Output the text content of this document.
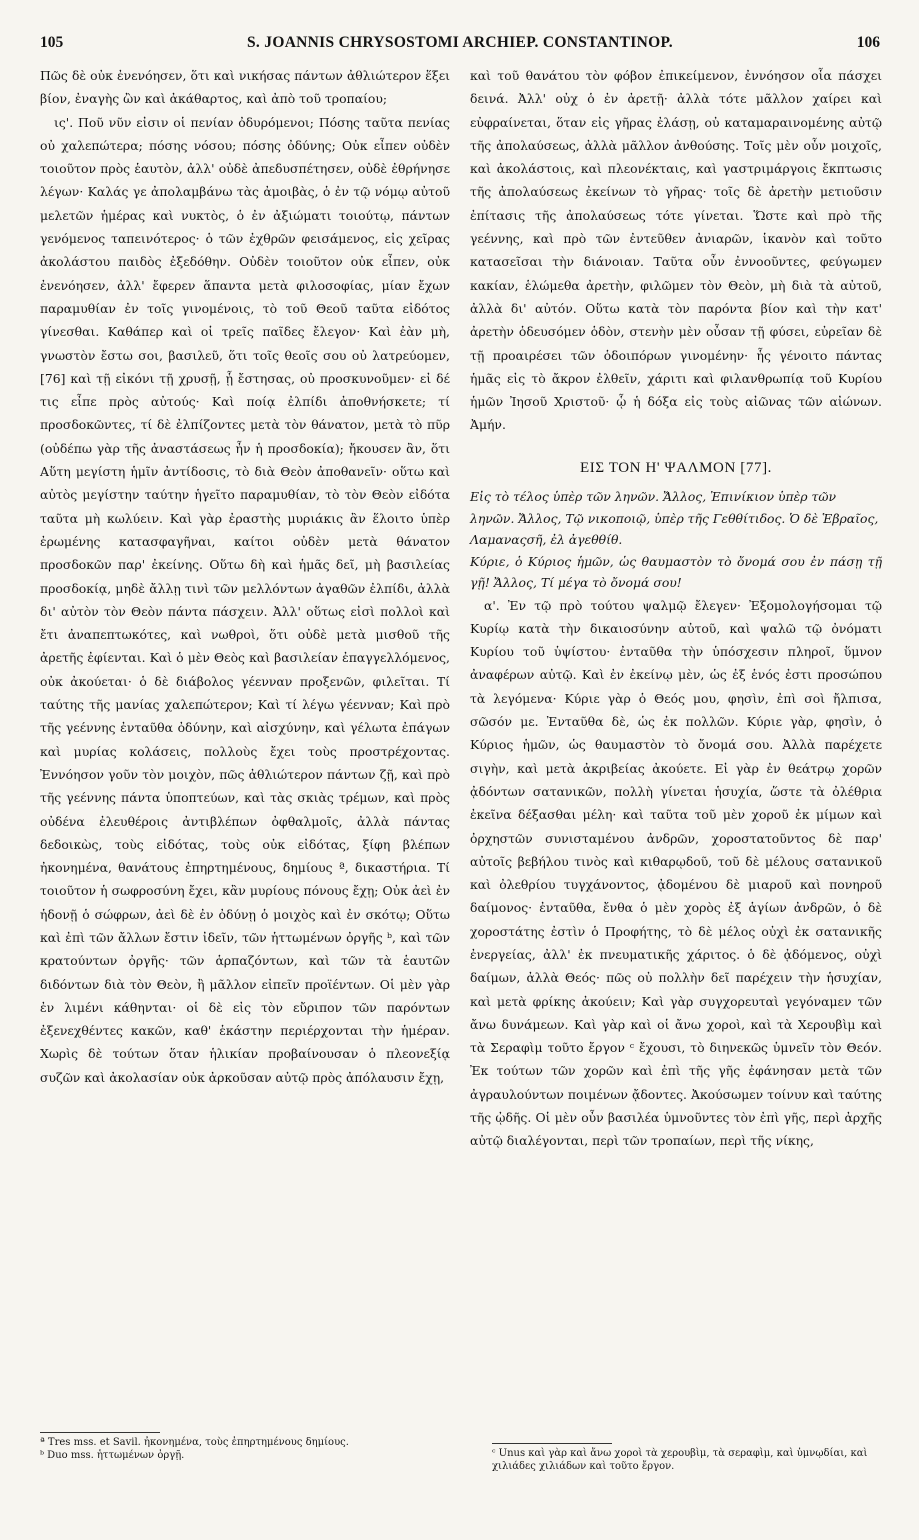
105	S. JOANNIS CHRYSOSTOMI ARCHIEP. CONSTANTINOP.	106

Πῶς δὲ οὐκ ἐνενόησεν, ὅτι καὶ νικήσας πάντων ἀθλιώτερον ἕξει βίον, ἐναγὴς ὢν καὶ ἀκάθαρτος, καὶ ἀπὸ τοῦ τροπαίου;

ις'. Ποῦ νῦν εἰσιν οἱ πενίαν ὀδυρόμενοι; Πόσης ταῦτα πενίας οὐ χαλεπώτερα; πόσης νόσου; πόσης ὀδύνης; Οὐκ εἶπεν οὐδὲν τοιοῦτον πρὸς ἑαυτὸν, ἀλλ' οὐδὲ ἀπεδυσπέτησεν, οὐδὲ ἐθρήνησε λέγων· Καλάς γε ἀπολαμβάνω τὰς ἀμοιβὰς, ὁ ἐν τῷ νόμῳ αὐτοῦ μελετῶν ἡμέρας καὶ νυκτὸς, ὁ ἐν ἀξιώματι τοιούτῳ, πάντων γενόμενος ταπεινότερος· ὁ τῶν ἐχθρῶν φεισάμενος, εἰς χεῖρας ἀκολάστου παιδὸς ἐξεδόθην. Οὐδὲν τοιοῦτον οὐκ εἶπεν, οὐκ ἐνενόησεν, ἀλλ' ἔφερεν ἅπαντα μετὰ φιλοσοφίας, μίαν ἔχων παραμυθίαν ἐν τοῖς γινομένοις, τὸ τοῦ Θεοῦ ταῦτα εἰδότος γίνεσθαι. Καθάπερ καὶ οἱ τρεῖς παῖδες ἔλεγον· Καὶ ἐὰν μὴ, γνωστὸν ἔστω σοι, βασιλεῦ, ὅτι τοῖς θεοῖς σου οὐ λατρεύομεν, [76] καὶ τῇ εἰκόνι τῇ χρυσῇ, ᾗ ἔστησας, οὐ προσκυνοῦμεν· εἰ δέ τις εἶπε πρὸς αὐτούς· Καὶ ποίᾳ ἐλπίδι ἀποθνήσκετε; τί προσδοκῶντες, τί δὲ ἐλπίζοντες μετὰ τὸν θάνατον, μετὰ τὸ πῦρ (οὐδέπω γὰρ τῆς ἀναστάσεως ἦν ἡ προσδοκία); ἤκουσεν ἂν, ὅτι Αὕτη μεγίστη ἡμῖν ἀντίδοσις, τὸ διὰ Θεὸν ἀποθανεῖν· οὕτω καὶ αὐτὸς μεγίστην ταύτην ἡγεῖτο παραμυθίαν, τὸ τὸν Θεὸν εἰδότα ταῦτα μὴ κωλύειν. Καὶ γὰρ ἐραστὴς μυριάκις ἂν ἕλοιτο ὑπὲρ ἐρωμένης κατασφαγῆναι, καίτοι οὐδὲν μετὰ θάνατον προσδοκῶν παρ' ἐκείνης. Οὕτω δὴ καὶ ἡμᾶς δεῖ, μὴ βασιλείας προσδοκίᾳ, μηδὲ ἄλλῃ τινὶ τῶν μελλόντων ἀγαθῶν ἐλπίδι, ἀλλὰ δι' αὐτὸν τὸν Θεὸν πάντα πάσχειν. Ἀλλ' οὕτως εἰσὶ πολλοὶ καὶ ἔτι ἀναπεπτωκότες, καὶ νωθροὶ, ὅτι οὐδὲ μετὰ μισθοῦ τῆς ἀρετῆς ἐφίενται. Καὶ ὁ μὲν Θεὸς καὶ βασιλείαν ἐπαγγελλόμενος, οὐκ ἀκούεται· ὁ δὲ διάβολος γέενναν προξενῶν, φιλεῖται. Τί ταύτης τῆς μανίας χαλεπώτερον; Καὶ τί λέγω γέενναν; Καὶ πρὸ τῆς γεέννης ἐνταῦθα ὀδύνην, καὶ αἰσχύνην, καὶ γέλωτα ἐπάγων καὶ μυρίας κολάσεις, πολλοὺς ἔχει τοὺς προστρέχοντας. Ἐννόησον γοῦν τὸν μοιχὸν, πῶς ἀθλιώτερον πάντων ζῇ, καὶ πρὸ τῆς γεέννης πάντα ὑποπτεύων, καὶ τὰς σκιὰς τρέμων, καὶ πρὸς οὐδένα ἐλευθέροις ἀντιβλέπων ὀφθαλμοῖς, ἀλλὰ πάντας δεδοικὼς, τοὺς εἰδότας, τοὺς οὐκ εἰδότας, ξίφη βλέπων ἠκονημένα, θανάτους ἐπηρτημένους, δημίους ª, δικαστήρια. Τί τοιοῦτον ἡ σωφροσύνη ἔχει, κἂν μυρίους πόνους ἔχῃ; Οὐκ ἀεὶ ἐν ἡδονῇ ὁ σώφρων, ἀεὶ δὲ ἐν ὀδύνῃ ὁ μοιχὸς καὶ ἐν σκότῳ; Οὕτω καὶ ἐπὶ τῶν ἄλλων ἔστιν ἰδεῖν, τῶν ἡττωμένων ὀργῆς ᵇ, καὶ τῶν κρατούντων ὀργῆς· τῶν ἁρπαζόντων, καὶ τῶν τὰ ἑαυτῶν διδόντων διὰ τὸν Θεὸν, ἢ μᾶλλον εἰπεῖν προϊέντων. Οἱ μὲν γὰρ ἐν λιμένι κάθηνται· οἱ δὲ εἰς τὸν εὔριπον τῶν παρόντων ἐξενεχθέντες κακῶν, καθ' ἑκάστην περιέρχονται τὴν ἡμέραν. Χωρὶς δὲ τούτων ὅταν ἡλικίαν προβαίνουσαν ὁ πλεονεξίᾳ συζῶν καὶ ἀκολασίαν οὐκ ἀρκοῦσαν αὐτῷ πρὸς ἀπόλαυσιν ἔχῃ,

καὶ τοῦ θανάτου τὸν φόβον ἐπικείμενον, ἐννόησον οἷα πάσχει δεινά. Ἀλλ' οὐχ ὁ ἐν ἀρετῇ· ἀλλὰ τότε μᾶλλον χαίρει καὶ εὐφραίνεται, ὅταν εἰς γῆρας ἐλάσῃ, οὐ καταμαραινομένης αὐτῷ τῆς ἀπολαύσεως, ἀλλὰ μᾶλλον ἀνθούσης. Τοῖς μὲν οὖν μοιχοῖς, καὶ ἀκολάστοις, καὶ πλεονέκταις, καὶ γαστριμάργοις ἔκπτωσις τῆς ἀπολαύσεως ἐκείνων τὸ γῆρας· τοῖς δὲ ἀρετὴν μετιοῦσιν ἐπίτασις τῆς ἀπολαύσεως τότε γίνεται. Ὥστε καὶ πρὸ τῆς γεέννης, καὶ πρὸ τῶν ἐντεῦθεν ἀνιαρῶν, ἱκανὸν καὶ τοῦτο κατασεῖσαι τὴν διάνοιαν. Ταῦτα οὖν ἐννοοῦντες, φεύγωμεν κακίαν, ἑλώμεθα ἀρετὴν, φιλῶμεν τὸν Θεὸν, μὴ διὰ τὰ αὐτοῦ, ἀλλὰ δι' αὐτόν. Οὕτω κατὰ τὸν παρόντα βίον καὶ τὴν κατ' ἀρετὴν ὁδευσόμεν ὁδὸν, στενὴν μὲν οὖσαν τῇ φύσει, εὐρεῖαν δὲ τῇ προαιρέσει τῶν ὁδοιπόρων γινομένην· ἧς γένοιτο πάντας ἡμᾶς εἰς τὸ ἄκρον ἐλθεῖν, χάριτι καὶ φιλανθρωπίᾳ τοῦ Κυρίου ἡμῶν Ἰησοῦ Χριστοῦ· ᾧ ἡ δόξα εἰς τοὺς αἰῶνας τῶν αἰώνων. Ἀμήν.

ΕΙΣ ΤΟΝ Η' ΨΑΛΜΟΝ [77].

Εἰς τὸ τέλος ὑπὲρ τῶν ληνῶν. Ἄλλος, Ἐπινίκιον ὑπὲρ τῶν ληνῶν. Ἄλλος, Τῷ νικοποιῷ, ὑπὲρ τῆς Γεθθίτιδος. Ὁ δὲ Ἑβραῖος, Λαμαναςσῆ, ἐλ ἀγεθθίθ.

Κύριε, ὁ Κύριος ἡμῶν, ὡς θαυμαστὸν τὸ ὄνομά σου ἐν πάσῃ τῇ γῇ! Ἄλλος, Τί μέγα τὸ ὄνομά σου!

α'. Ἐν τῷ πρὸ τούτου ψαλμῷ ἔλεγεν· Ἐξομολογήσομαι τῷ Κυρίῳ κατὰ τὴν δικαιοσύνην αὐτοῦ, καὶ ψαλῶ τῷ ὀνόματι Κυρίου τοῦ ὑψίστου· ἐνταῦθα τὴν ὑπόσχεσιν πληροῖ, ὕμνον ἀναφέρων αὐτῷ. Καὶ ἐν ἐκείνῳ μὲν, ὡς ἐξ ἑνός ἐστι προσώπου τὰ λεγόμενα· Κύριε γὰρ ὁ Θεός μου, φησὶν, ἐπὶ σοὶ ἤλπισα, σῶσόν με. Ἐνταῦθα δὲ, ὡς ἐκ πολλῶν. Κύριε γὰρ, φησὶν, ὁ Κύριος ἡμῶν, ὡς θαυμαστὸν τὸ ὄνομά σου. Ἀλλὰ παρέχετε σιγὴν, καὶ μετὰ ἀκριβείας ἀκούετε. Εἰ γὰρ ἐν θεάτρῳ χορῶν ᾀδόντων σατανικῶν, πολλὴ γίνεται ἡσυχία, ὥστε τὰ ὀλέθρια ἐκεῖνα δέξασθαι μέλη· καὶ ταῦτα τοῦ μὲν χοροῦ ἐκ μίμων καὶ ὀρχηστῶν συνισταμένου ἀνδρῶν, χοροστατοῦντος δὲ παρ' αὐτοῖς βεβήλου τινὸς καὶ κιθαρῳδοῦ, τοῦ δὲ μέλους σατανικοῦ καὶ ὀλεθρίου τυγχάνοντος, ᾀδομένου δὲ μιαροῦ καὶ πονηροῦ δαίμονος· ἐνταῦθα, ἔνθα ὁ μὲν χορὸς ἐξ ἁγίων ἀνδρῶν, ὁ δὲ χοροστάτης ἐστὶν ὁ Προφήτης, τὸ δὲ μέλος οὐχὶ ἐκ σατανικῆς ἐνεργείας, ἀλλ' ἐκ πνευματικῆς χάριτος. ὁ δὲ ᾀδόμενος, οὐχὶ δαίμων, ἀλλὰ Θεός· πῶς οὐ πολλὴν δεῖ παρέχειν τὴν ἡσυχίαν, καὶ μετὰ φρίκης ἀκούειν; Καὶ γὰρ συγχορευταὶ γεγόναμεν τῶν ἄνω δυνάμεων. Καὶ γὰρ καὶ οἱ ἄνω χοροὶ, καὶ τὰ Χερουβὶμ καὶ τὰ Σεραφὶμ τοῦτο ἔργον ᶜ ἔχουσι, τὸ διηνεκῶς ὑμνεῖν τὸν Θεόν. Ἐκ τούτων τῶν χορῶν καὶ ἐπὶ τῆς γῆς ἐφάνησαν μετὰ τῶν ἀγραυλούντων ποιμένων ᾄδοντες. Ἀκούσωμεν τοίνυν καὶ ταύτης τῆς ᾠδῆς. Οἱ μὲν οὖν βασιλέα ὑμνοῦντες τὸν ἐπὶ γῆς, περὶ ἀρχῆς αὐτῷ διαλέγονται, περὶ τῶν τροπαίων, περὶ τῆς νίκης,

ª Tres mss. et Savil. ἠκονημένα, τοὺς ἐπηρτημένους δημίους.

ᵇ Duo mss. ἡττωμένων ὀργῇ.	ᶜ Unus καὶ γὰρ καὶ ἄνω χοροὶ τὰ χερουβὶμ, τὰ σεραφὶμ, καὶ ὑμνῳδίαι, καὶ χιλιάδες χιλιάδων καὶ τοῦτο ἔργον.
